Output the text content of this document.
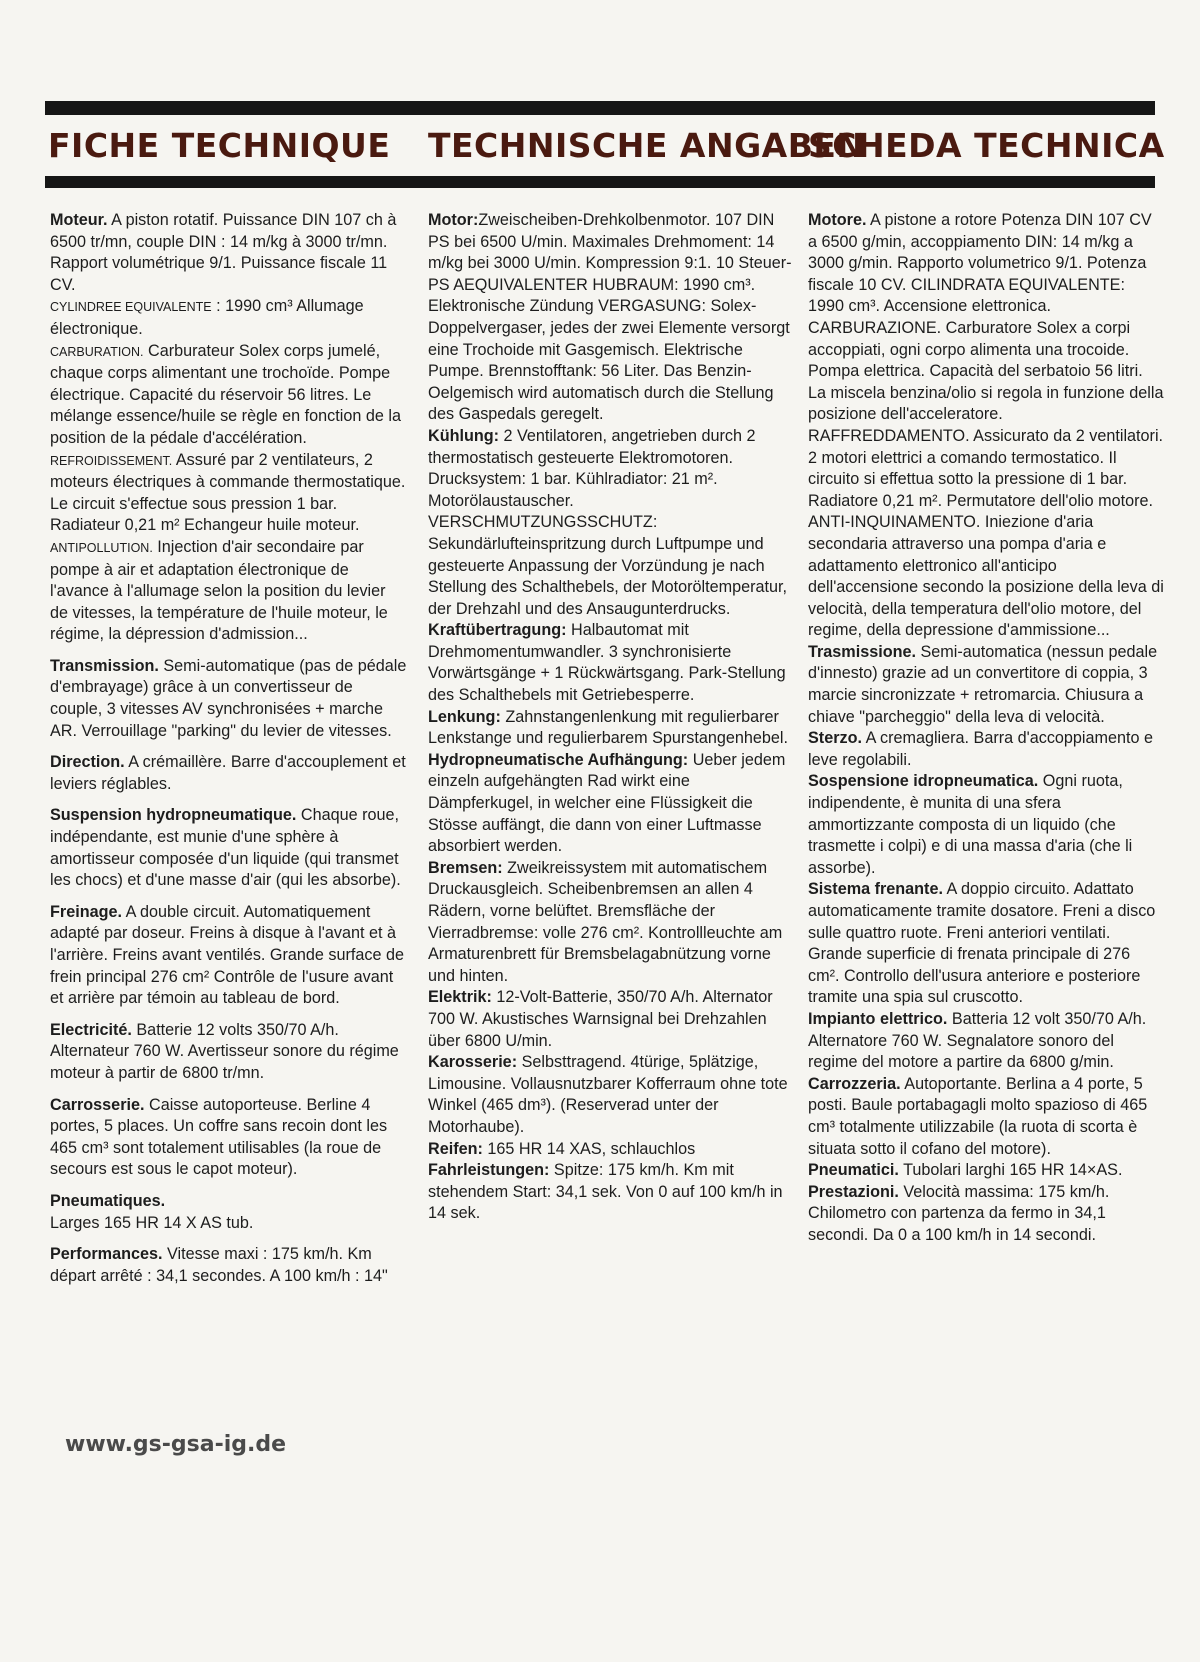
FICHE TECHNIQUE TECHNISCHE ANGABEN
SCHEDA TECHNICA

Moteur. A piston rotatif. Puissance DIN 107 ch à 6500 tr/mn, couple DIN : 14 m/kg à 3000 tr/mn. Rapport volumétrique 9/1. Puissance fiscale 11 CV.

CYLINDREE EQUIVALENTE : 1990 cm³ Allumage électronique.

CARBURATION. Carburateur Solex corps jumelé, chaque corps alimentant une trochoïde. Pompe électrique. Capacité du réservoir 56 litres. Le mélange essence/huile se règle en fonction de la position de la pédale d'accélération.

REFROIDISSEMENT. Assuré par 2 ventilateurs, 2 moteurs électriques à commande thermostatique. Le circuit s'effectue sous pression 1 bar. Radiateur 0,21 m² Echangeur huile moteur.

ANTIPOLLUTION. Injection d'air secondaire par pompe à air et adaptation électronique de l'avance à l'allumage selon la position du levier de vitesses, la température de l'huile moteur, le régime, la dépression d'admission...

Transmission. Semi-automatique (pas de pédale d'embrayage) grâce à un convertisseur de couple, 3 vitesses AV synchronisées + marche AR. Verrouillage "parking" du levier de vitesses.

Direction. A crémaillère. Barre d'accouplement et leviers réglables.

Suspension hydropneumatique. Chaque roue, indépendante, est munie d'une sphère à amortisseur composée d'un liquide (qui transmet les chocs) et d'une masse d'air (qui les absorbe).

Freinage. A double circuit. Automatiquement adapté par doseur. Freins à disque à l'avant et à l'arrière. Freins avant ventilés. Grande surface de frein principal 276 cm² Contrôle de l'usure avant et arrière par témoin au tableau de bord.

Electricité. Batterie 12 volts 350/70 A/h. Alternateur 760 W. Avertisseur sonore du régime moteur à partir de 6800 tr/mn.

Carrosserie. Caisse autoporteuse. Berline 4 portes, 5 places. Un coffre sans recoin dont les 465 cm³ sont totalement utilisables (la roue de secours est sous le capot moteur).

Pneumatiques.
Larges 165 HR 14 X AS tub.

Performances. Vitesse maxi : 175 km/h. Km départ arrêté : 34,1 secondes. A 100 km/h : 14"

Motor:Zweischeiben-Drehkolbenmotor. 107 DIN PS bei 6500 U/min. Maximales Drehmoment: 14 m/kg bei 3000 U/min. Kompression 9:1. 10 Steuer-PS AEQUIVALENTER HUBRAUM: 1990 cm³. Elektronische Zündung VERGASUNG: Solex-Doppelvergaser, jedes der zwei Elemente versorgt eine Trochoide mit Gasgemisch. Elektrische Pumpe. Brennstofftank: 56 Liter. Das Benzin-Oelgemisch wird automatisch durch die Stellung des Gaspedals geregelt.

Kühlung: 2 Ventilatoren, angetrieben durch 2 thermostatisch gesteuerte Elektromotoren. Drucksystem: 1 bar. Kühlradiator: 21 m². Motorölaustauscher. VERSCHMUTZUNGSSCHUTZ: Sekundärlufteinspritzung durch Luftpumpe und gesteuerte Anpassung der Vorzündung je nach Stellung des Schalthebels, der Motoröltemperatur, der Drehzahl und des Ansaugunterdrucks.

Kraftübertragung: Halbautomat mit Drehmomentumwandler. 3 synchronisierte Vorwärtsgänge + 1 Rückwärtsgang. Park-Stellung des Schalthebels mit Getriebesperre.

Lenkung: Zahnstangenlenkung mit regulierbarer Lenkstange und regulierbarem Spurstangenhebel.

Hydropneumatische Aufhängung: Ueber jedem einzeln aufgehängten Rad wirkt eine Dämpferkugel, in welcher eine Flüssigkeit die Stösse auffängt, die dann von einer Luftmasse absorbiert werden.

Bremsen: Zweikreissystem mit automatischem Druckausgleich. Scheibenbremsen an allen 4 Rädern, vorne belüftet. Bremsfläche der Vierradbremse: volle 276 cm². Kontrollleuchte am Armaturenbrett für Bremsbelagabnützung vorne und hinten.

Elektrik: 12-Volt-Batterie, 350/70 A/h. Alternator 700 W. Akustisches Warnsignal bei Drehzahlen über 6800 U/min.

Karosserie: Selbsttragend. 4türige, 5plätzige, Limousine. Vollausnutzbarer Kofferraum ohne tote Winkel (465 dm³). (Reserverad unter der Motorhaube).

Reifen: 165 HR 14 XAS, schlauchlos

Fahrleistungen: Spitze: 175 km/h. Km mit stehendem Start: 34,1 sek. Von 0 auf 100 km/h in 14 sek.

Motore. A pistone a rotore Potenza DIN 107 CV a 6500 g/min, accoppiamento DIN: 14 m/kg a 3000 g/min. Rapporto volumetrico 9/1. Potenza fiscale 10 CV. CILINDRATA EQUIVALENTE: 1990 cm³. Accensione elettronica. CARBURAZIONE. Carburatore Solex a corpi accoppiati, ogni corpo alimenta una trocoide. Pompa elettrica. Capacità del serbatoio 56 litri. La miscela benzina/olio si regola in funzione della posizione dell'acceleratore. RAFFREDDAMENTO. Assicurato da 2 ventilatori. 2 motori elettrici a comando termostatico. Il circuito si effettua sotto la pressione di 1 bar. Radiatore 0,21 m². Permutatore dell'olio motore. ANTI-INQUINAMENTO. Iniezione d'aria secondaria attraverso una pompa d'aria e adattamento elettronico all'anticipo dell'accensione secondo la posizione della leva di velocità, della temperatura dell'olio motore, del regime, della depressione d'ammissione...

Trasmissione. Semi-automatica (nessun pedale d'innesto) grazie ad un convertitore di coppia, 3 marcie sincronizzate + retromarcia. Chiusura a chiave "parcheggio" della leva di velocità.

Sterzo. A cremagliera. Barra d'accoppiamento e leve regolabili.

Sospensione idropneumatica. Ogni ruota, indipendente, è munita di una sfera ammortizzante composta di un liquido (che trasmette i colpi) e di una massa d'aria (che li assorbe).

Sistema frenante. A doppio circuito. Adattato automaticamente tramite dosatore. Freni a disco sulle quattro ruote. Freni anteriori ventilati. Grande superficie di frenata principale di 276 cm². Controllo dell'usura anteriore e posteriore tramite una spia sul cruscotto.

Impianto elettrico. Batteria 12 volt 350/70 A/h. Alternatore 760 W. Segnalatore sonoro del regime del motore a partire da 6800 g/min.

Carrozzeria. Autoportante. Berlina a 4 porte, 5 posti. Baule portabagagli molto spazioso di 465 cm³ totalmente utilizzabile (la ruota di scorta è situata sotto il cofano del motore).

Pneumatici. Tubolari larghi 165 HR 14×AS.

Prestazioni. Velocità massima: 175 km/h. Chilometro con partenza da fermo in 34,1 secondi. Da 0 a 100 km/h in 14 secondi.

www.gs-gsa-ig.de
